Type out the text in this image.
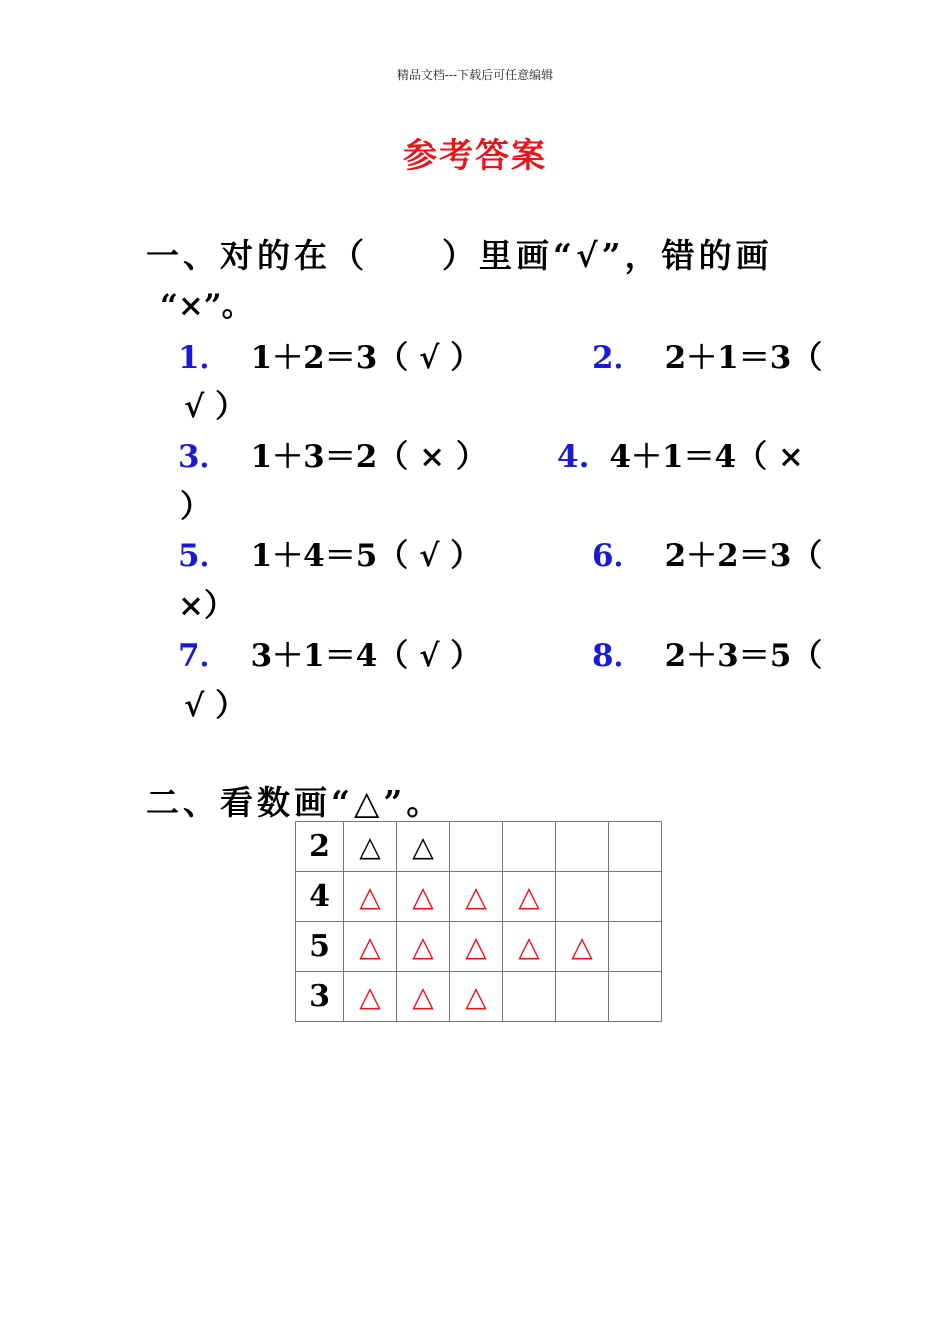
精品文档---下载后可任意编辑
参考答案
一、对的在（　　）里画“√”，错的画
“×”。
1． 1＋2＝3（ √ ）	2． 2＋1＝3（
√ ）
3． 1＋3＝2（ × ） 4. 4＋1＝4（ ×
）
5． 1＋4＝5（ √ ）	6． 2＋2＝3（
×）
7． 3＋1＝4（ √ ）	8． 2＋3＝5（
√ ）
二、看数画“△”。
2	△	△				
4	△	△	△	△		
5	△	△	△	△	△	
3	△	△	△			
